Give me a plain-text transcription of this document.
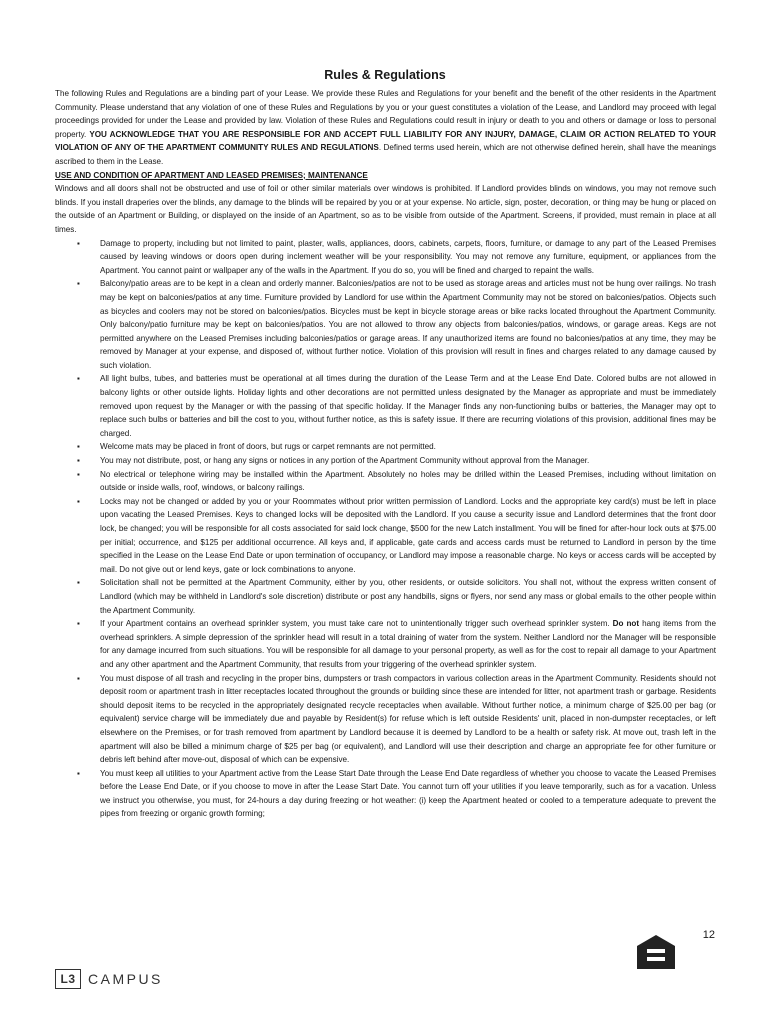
Rules & Regulations

The following Rules and Regulations are a binding part of your Lease. We provide these Rules and Regulations for your benefit and the benefit of the other residents in the Apartment Community. Please understand that any violation of one of these Rules and Regulations by you or your guest constitutes a violation of the Lease, and Landlord may proceed with legal proceedings provided for under the Lease and provided by law. Violation of these Rules and Regulations could result in injury or death to you and others or damage or loss to personal property. YOU ACKNOWLEDGE THAT YOU ARE RESPONSIBLE FOR AND ACCEPT FULL LIABILITY FOR ANY INJURY, DAMAGE, CLAIM OR ACTION RELATED TO YOUR VIOLATION OF ANY OF THE APARTMENT COMMUNITY RULES AND REGULATIONS. Defined terms used herein, which are not otherwise defined herein, shall have the meanings ascribed to them in the Lease.

USE AND CONDITION OF APARTMENT AND LEASED PREMISES; MAINTENANCE

Windows and all doors shall not be obstructed and use of foil or other similar materials over windows is prohibited. If Landlord provides blinds on windows, you may not remove such blinds. If you install draperies over the blinds, any damage to the blinds will be repaired by you or at your expense. No article, sign, poster, decoration, or thing may be hung or placed on the outside of an Apartment or Building, or displayed on the inside of an Apartment, so as to be visible from outside of the Apartment. Screens, if provided, must remain in place at all times.

▪ Damage to property, including but not limited to paint, plaster, walls, appliances, doors, cabinets, carpets, floors, furniture, or damage to any part of the Leased Premises caused by leaving windows or doors open during inclement weather will be your responsibility. You may not remove any furniture, equipment, or appliances from the Apartment. You cannot paint or wallpaper any of the walls in the Apartment. If you do so, you will be fined and charged to repaint the walls.
▪ Balcony/patio areas are to be kept in a clean and orderly manner. Balconies/patios are not to be used as storage areas and articles must not be hung over railings. No trash may be kept on balconies/patios at any time. Furniture provided by Landlord for use within the Apartment Community may not be stored on balconies/patios. Objects such as bicycles and coolers may not be stored on balconies/patios. Bicycles must be kept in bicycle storage areas or bike racks located throughout the Apartment Community. Only balcony/patio furniture may be kept on balconies/patios. You are not allowed to throw any objects from balconies/patios, windows, or garage areas. Kegs are not permitted anywhere on the Leased Premises including balconies/patios or garage areas. If any unauthorized items are found no balconies/patios at any time, they may be removed by Manager at your expense, and disposed of, without further notice. Violation of this provision will result in fines and charges related to any damage caused by such violation.
▪ All light bulbs, tubes, and batteries must be operational at all times during the duration of the Lease Term and at the Lease End Date. Colored bulbs are not allowed in balcony lights or other outside lights. Holiday lights and other decorations are not permitted unless designated by the Manager as appropriate and must be immediately removed upon request by the Manager or with the passing of that specific holiday. If the Manager finds any non-functioning bulbs or batteries, the Manager may opt to replace such bulbs or batteries and bill the cost to you, without further notice, as this is safety issue. If there are recurring violations of this provision, additional fines may be charged.
▪ Welcome mats may be placed in front of doors, but rugs or carpet remnants are not permitted.
▪ You may not distribute, post, or hang any signs or notices in any portion of the Apartment Community without approval from the Manager.
▪ No electrical or telephone wiring may be installed within the Apartment. Absolutely no holes may be drilled within the Leased Premises, including without limitation on outside or inside walls, roof, windows, or balcony railings.
▪ Locks may not be changed or added by you or your Roommates without prior written permission of Landlord. Locks and the appropriate key card(s) must be left in place upon vacating the Leased Premises. Keys to changed locks will be deposited with the Landlord. If you cause a security issue and Landlord determines that the front door lock, be changed; you will be responsible for all costs associated for said lock change, $500 for the new Latch installment. You will be fined for after-hour lock outs at $75.00 per initial; occurrence, and $125 per additional occurrence. All keys and, if applicable, gate cards and access cards must be returned to Landlord in person by the time specified in the Lease on the Lease End Date or upon termination of occupancy, or Landlord may impose a reasonable charge. No keys or access cards will be accepted by mail. Do not give out or lend keys, gate or lock combinations to anyone.
▪ Solicitation shall not be permitted at the Apartment Community, either by you, other residents, or outside solicitors. You shall not, without the express written consent of Landlord (which may be withheld in Landlord's sole discretion) distribute or post any handbills, signs or flyers, nor send any mass or global emails to the other people within the Apartment Community.
▪ If your Apartment contains an overhead sprinkler system, you must take care not to unintentionally trigger such overhead sprinkler system. Do not hang items from the overhead sprinklers. A simple depression of the sprinkler head will result in a total draining of water from the system. Neither Landlord nor the Manager will be responsible for any damage incurred from such situations. You will be responsible for all damage to your personal property, as well as for the cost to repair all damage to your Apartment and any other apartment and the Apartment Community, that results from your triggering of the overhead sprinkler system.
▪ You must dispose of all trash and recycling in the proper bins, dumpsters or trash compactors in various collection areas in the Apartment Community. Residents should not deposit room or apartment trash in litter receptacles located throughout the grounds or building since these are intended for litter, not apartment trash or garbage. Residents should deposit items to be recycled in the appropriately designated recycle receptacles when available. Without further notice, a minimum charge of $25.00 per bag (or equivalent) service charge will be immediately due and payable by Resident(s) for refuse which is left outside Residents' unit, placed in non-dumpster receptacles, or left elsewhere on the Premises, or for trash removed from apartment by Landlord because it is deemed by Landlord to be a health or safety risk. At move out, trash left in the apartment will also be billed a minimum charge of $25 per bag (or equivalent), and Landlord will use their description and charge an appropriate fee for other furniture or debris left behind after move-out, disposal of which can be expensive.
▪ You must keep all utilities to your Apartment active from the Lease Start Date through the Lease End Date regardless of whether you choose to vacate the Leased Premises before the Lease End Date, or if you choose to move in after the Lease Start Date. You cannot turn off your utilities if you leave temporarily, such as for a vacation. Unless we instruct you otherwise, you must, for 24-hours a day during freezing or hot weather: (i) keep the Apartment heated or cooled to a temperature adequate to prevent the pipes from freezing or organic growth forming;
12
L3 CAMPUS
